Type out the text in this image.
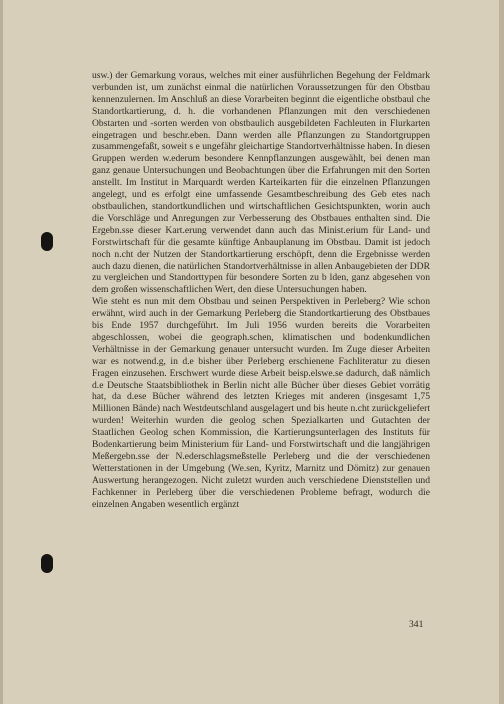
usw.) der Gemarkung voraus, welches mit einer ausführlichen Begehung der Feldmark verbunden ist, um zunächst einmal die natürlichen Voraussetzungen für den Obstbau kennenzulernen. Im Anschluß an diese Vorarbeiten beginnt die eigentliche obstbaul che Standortkartierung, d. h. die vorhandenen Pflanzungen mit den verschiedenen Obstarten und -sorten werden von obstbaulich ausgebildeten Fachleuten in Flurkarten eingetragen und beschr.eben. Dann werden alle Pflanzungen zu Standortgruppen zusammengefaßt, soweit s e ungefähr gleichartige Standortverhältnisse haben. In diesen Gruppen werden w.ederum besondere Kennpflanzungen ausgewählt, bei denen man ganz genaue Untersuchungen und Beobachtungen über die Erfahrungen mit den Sorten anstellt. Im Institut in Marquardt werden Karteikarten für die einzelnen Pflanzungen angelegt, und es erfolgt eine umfassende Gesamtbeschreibung des Geb etes nach obstbaulichen, standortkundlichen und wirtschaftlichen Gesichtspunkten, worin auch die Vorschläge und Anregungen zur Verbesserung des Obstbaues enthalten sind. Die Ergebn.sse dieser Kart.erung verwendet dann auch das Minist.erium für Land- und Forstwirtschaft für die gesamte künftige Anbauplanung im Obstbau. Damit ist jedoch noch n.cht der Nutzen der Standortkartierung erschöpft, denn die Ergebnisse werden auch dazu dienen, die natürlichen Standortverhältnisse in allen Anbaugebieten der DDR zu vergleichen und Standorttypen für besondere Sorten zu b lden, ganz abgesehen von dem großen wissenschaftlichen Wert, den diese Untersuchungen haben.

Wie steht es nun mit dem Obstbau und seinen Perspektiven in Perleberg? Wie schon erwähnt, wird auch in der Gemarkung Perleberg die Standortkartierung des Obstbaues bis Ende 1957 durchgeführt. Im Juli 1956 wurden bereits die Vorarbeiten abgeschlossen, wobei die geograph.schen, klimatischen und bodenkundlichen Verhältnisse in der Gemarkung genauer untersucht wurden. Im Zuge dieser Arbeiten war es notwend.g, in d.e bisher über Perleberg erschienene Fachliteratur zu diesen Fragen einzusehen. Erschwert wurde diese Arbeit beisp.elswe.se dadurch, daß nämlich d.e Deutsche Staatsbibliothek in Berlin nicht alle Bücher über dieses Gebiet vorrätig hat, da d.ese Bücher während des letzten Krieges mit anderen (insgesamt 1,75 Millionen Bände) nach Westdeutschland ausgelagert und bis heute n.cht zurückgeliefert wurden! Weiterhin wurden die geolog schen Spezialkarten und Gutachten der Staatlichen Geolog schen Kommission, die Kartierungsunterlagen des Instituts für Bodenkartierung beim Ministerium für Land- und Forstwirtschaft und die langjährigen Meßergebn.sse der N.ederschlagsmeßstelle Perleberg und die der verschiedenen Wetterstationen in der Umgebung (We.sen, Kyritz, Marnitz und Dömitz) zur genauen Auswertung herangezogen. Nicht zuletzt wurden auch verschiedene Dienststellen und Fachkenner in Perleberg über die verschiedenen Probleme befragt, wodurch die einzelnen Angaben wesentlich ergänzt

341
